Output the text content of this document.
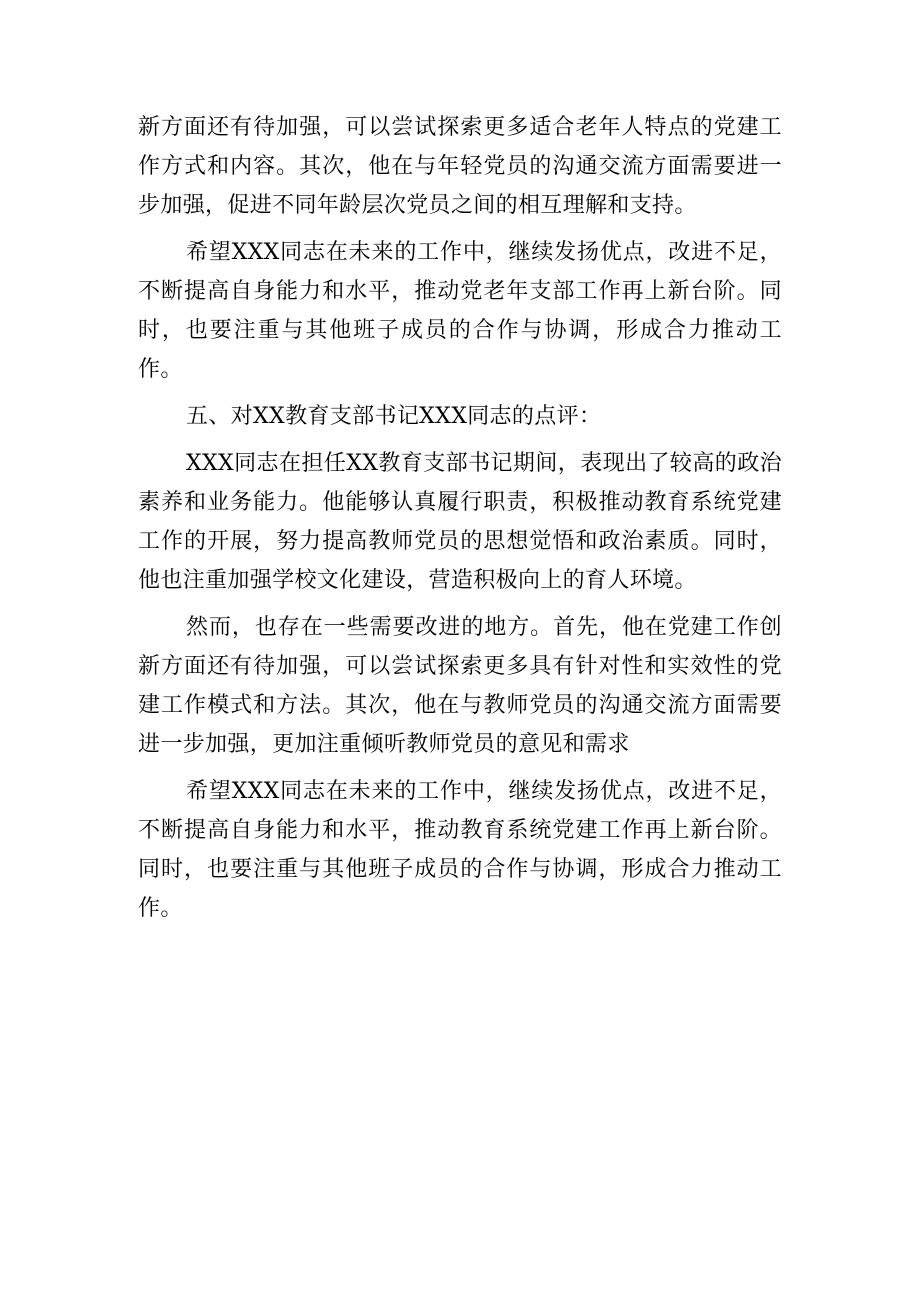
新方面还有待加强，可以尝试探索更多适合老年人特点的党建工作方式和内容。其次，他在与年轻党员的沟通交流方面需要进一步加强，促进不同年龄层次党员之间的相互理解和支持。

希望XXX同志在未来的工作中，继续发扬优点，改进不足，不断提高自身能力和水平，推动党老年支部工作再上新台阶。同时，也要注重与其他班子成员的合作与协调，形成合力推动工作。

五、对XX教育支部书记XXX同志的点评：

XXX同志在担任XX教育支部书记期间，表现出了较高的政治素养和业务能力。他能够认真履行职责，积极推动教育系统党建工作的开展，努力提高教师党员的思想觉悟和政治素质。同时，他也注重加强学校文化建设，营造积极向上的育人环境。

然而，也存在一些需要改进的地方。首先，他在党建工作创新方面还有待加强，可以尝试探索更多具有针对性和实效性的党建工作模式和方法。其次，他在与教师党员的沟通交流方面需要进一步加强，更加注重倾听教师党员的意见和需求

希望XXX同志在未来的工作中，继续发扬优点，改进不足，不断提高自身能力和水平，推动教育系统党建工作再上新台阶。同时，也要注重与其他班子成员的合作与协调，形成合力推动工作。
